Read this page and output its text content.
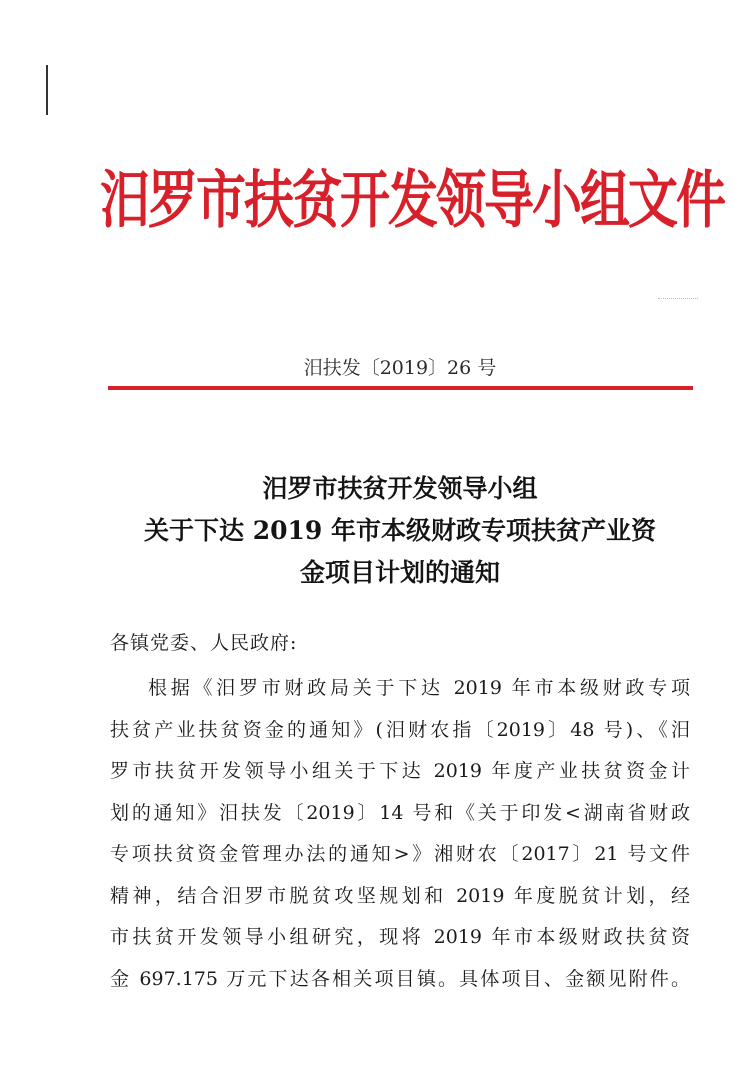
汨罗市扶贫开发领导小组文件
汨扶发〔2019〕26 号
汨罗市扶贫开发领导小组
关于下达 2019 年市本级财政专项扶贫产业资
金项目计划的通知
各镇党委、人民政府:
根据《汨罗市财政局关于下达 2019 年市本级财政专项
扶贫产业扶贫资金的通知》(汨财农指〔2019〕48 号)、《汨
罗市扶贫开发领导小组关于下达 2019 年度产业扶贫资金计
划的通知》汨扶发〔2019〕14 号和《关于印发<湖南省财政
专项扶贫资金管理办法的通知>》湘财农〔2017〕21 号文件
精神，结合汨罗市脱贫攻坚规划和 2019 年度脱贫计划，经
市扶贫开发领导小组研究，现将 2019 年市本级财政扶贫资
金 697.175 万元下达各相关项目镇。具体项目、金额见附件。
